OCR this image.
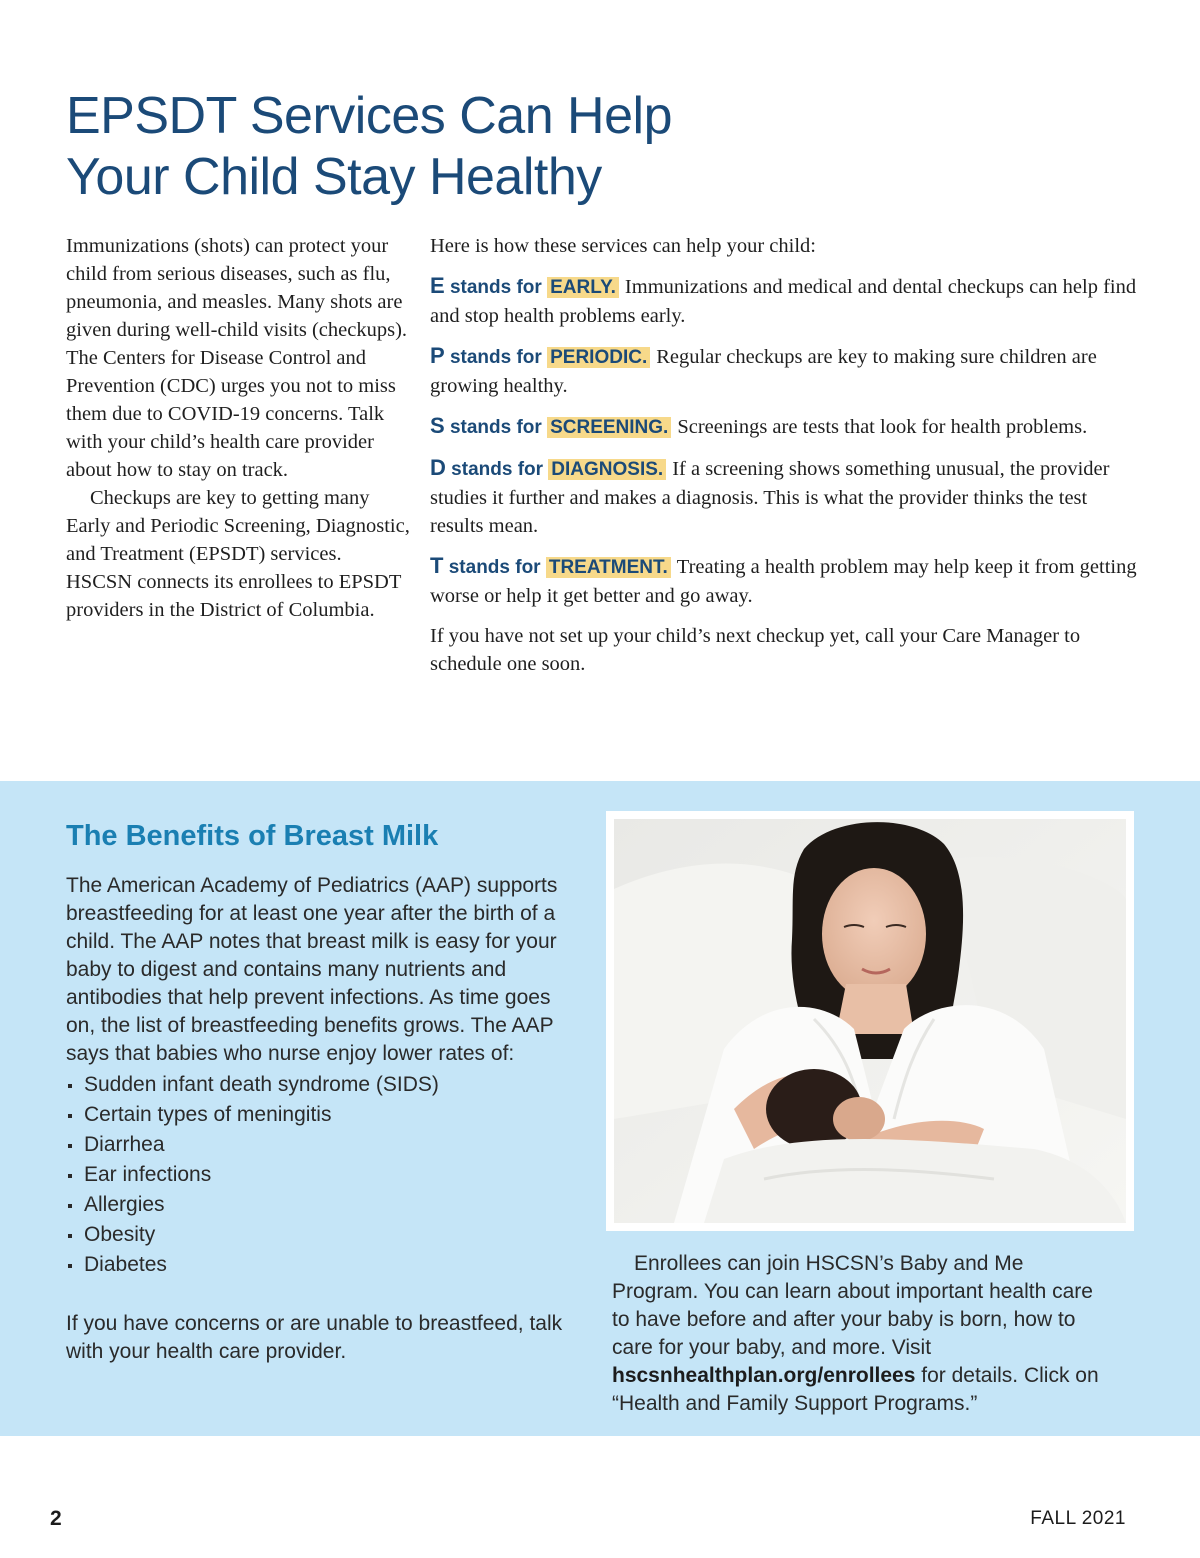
EPSDT Services Can Help
Your Child Stay Healthy

Immunizations (shots) can protect your child from serious diseases, such as flu, pneumonia, and measles. Many shots are given during well-child visits (checkups). The Centers for Disease Control and Prevention (CDC) urges you not to miss them due to COVID-19 concerns. Talk with your child’s health care provider about how to stay on track.

Checkups are key to getting many Early and Periodic Screening, Diagnostic, and Treatment (EPSDT) services. HSCSN connects its enrollees to EPSDT providers in the District of Columbia.

Here is how these services can help your child:

E stands for EARLY. Immunizations and medical and dental checkups can help find and stop health problems early.

P stands for PERIODIC. Regular checkups are key to making sure children are growing healthy.

S stands for SCREENING. Screenings are tests that look for health problems.

D stands for DIAGNOSIS. If a screening shows something unusual, the provider studies it further and makes a diagnosis. This is what the provider thinks the test results mean.

T stands for TREATMENT. Treating a health problem may help keep it from getting worse or help it get better and go away.

If you have not set up your child’s next checkup yet, call your Care Manager to schedule one soon.

The Benefits of Breast Milk

The American Academy of Pediatrics (AAP) supports breastfeeding for at least one year after the birth of a child. The AAP notes that breast milk is easy for your baby to digest and contains many nutrients and antibodies that help prevent infections. As time goes on, the list of breastfeeding benefits grows. The AAP says that babies who nurse enjoy lower rates of:

Sudden infant death syndrome (SIDS)
Certain types of meningitis
Diarrhea
Ear infections
Allergies
Obesity
Diabetes

If you have concerns or are unable to breastfeed, talk with your health care provider.

Enrollees can join HSCSN’s Baby and Me Program. You can learn about important health care to have before and after your baby is born, how to care for your baby, and more. Visit hscsnhealthplan.org/enrollees for details. Click on “Health and Family Support Programs.”

2	FALL 2021
